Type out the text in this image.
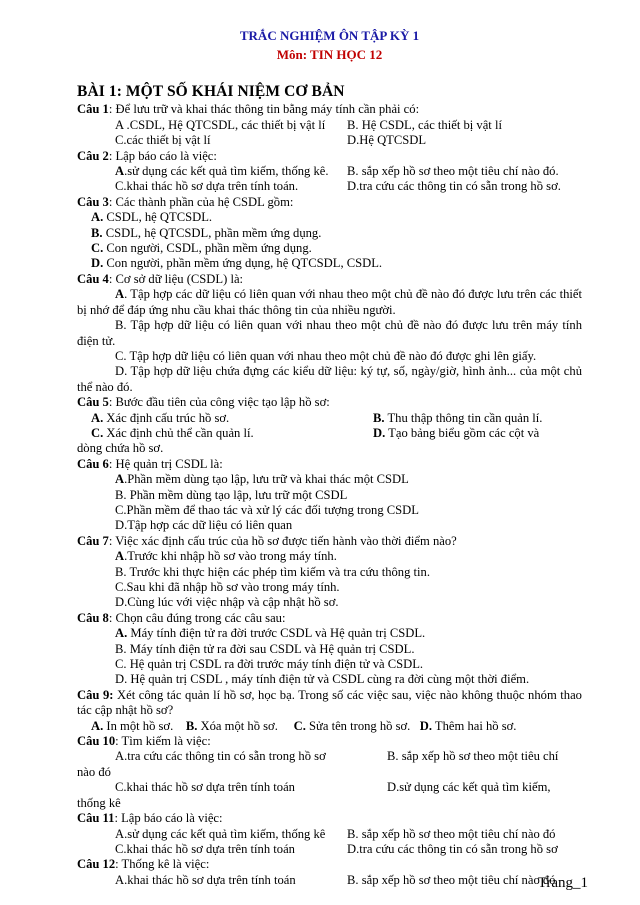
TRẮC NGHIỆM ÔN TẬP KỲ 1
Môn: TIN HỌC 12
BÀI 1: MỘT SỐ KHÁI NIỆM CƠ BẢN
Câu 1: Để lưu trữ và khai thác thông tin bằng máy tính cần phải có:
A .CSDL, Hệ QTCSDL, các thiết bị vật lí	B. Hệ CSDL, các thiết bị vật lí
C.các thiết bị vật lí	D.Hệ QTCSDL
Câu 2: Lập báo cáo là việc:
A.sử dụng các kết quả tìm kiếm, thống kê.	B. sắp xếp hồ sơ theo một tiêu chí nào đó.
C.khai thác hồ sơ dựa trên tính toán.	D.tra cứu các thông tin có sẵn trong hồ sơ.
Câu 3: Các thành phần của hệ CSDL gồm:
A. CSDL, hệ QTCSDL.
B. CSDL, hệ QTCSDL, phần mềm ứng dụng.
C. Con người, CSDL, phần mềm ứng dụng.
D. Con người, phần mềm ứng dụng, hệ QTCSDL, CSDL.
Câu 4: Cơ sở dữ liệu (CSDL) là:
A. Tập hợp các dữ liệu có liên quan với nhau theo một chủ đề nào đó được lưu trên các thiết bị nhớ để đáp ứng nhu cầu khai thác thông tin của nhiều người.
B. Tập hợp dữ liệu có liên quan với nhau theo một chủ đề nào đó được lưu trên máy tính điện tử.
C. Tập hợp dữ liệu có liên quan với nhau theo một chủ đề nào đó được ghi lên giấy.
D. Tập hợp dữ liệu chứa đựng các kiểu dữ liệu: ký tự, số, ngày/giờ, hình ảnh... của một chủ thể nào đó.
Câu 5: Bước đầu tiên của công việc tạo lập hồ sơ:
A. Xác định cấu trúc hồ sơ.	B. Thu thập thông tin cần quản lí.
C. Xác định chủ thể cần quản lí.	D. Tạo bảng biểu gồm các cột và
dòng chứa hồ sơ.
Câu 6: Hệ quản trị CSDL là:
A.Phần mềm dùng tạo lập, lưu trữ và khai thác một CSDL
B. Phần mềm dùng tạo lập, lưu trữ một CSDL
C.Phần mềm để thao tác và xử lý các đối tượng trong CSDL
D.Tập hợp các dữ liệu có liên quan
Câu 7: Việc xác định cấu trúc của hồ sơ được tiến hành vào thời điểm nào?
A.Trước khi nhập hồ sơ vào trong máy tính.
B. Trước khi thực hiện các phép tìm kiếm và tra cứu thông tin.
C.Sau khi đã nhập hồ sơ vào trong máy tính.
D.Cùng lúc với việc nhập và cập nhật hồ sơ.
Câu 8: Chọn câu đúng trong các câu sau:
A. Máy tính điện tử ra đời trước CSDL và Hệ quản trị CSDL.
B. Máy tính điện tử ra đời sau CSDL và Hệ quản trị CSDL.
C. Hệ quản trị CSDL ra đời trước máy tính điện tử và CSDL.
D. Hệ quản trị CSDL , máy tính điện tử và CSDL cùng ra đời cùng một thời điểm.
Câu 9: Xét công tác quản lí hồ sơ, học bạ. Trong số các việc sau, việc nào không thuộc nhóm thao tác cập nhật hồ sơ?
A. In một hồ sơ. B. Xóa một hồ sơ. C. Sửa tên trong hồ sơ. D. Thêm hai hồ sơ.
Câu 10: Tìm kiếm là việc:
A.tra cứu các thông tin có sẵn trong hồ sơ	B. sắp xếp hồ sơ theo một tiêu chí
nào đó
C.khai thác hồ sơ dựa trên tính toán	D.sử dụng các kết quả tìm kiếm,
thống kê
Câu 11: Lập báo cáo là việc:
A.sử dụng các kết quả tìm kiếm, thống kê	B. sắp xếp hồ sơ theo một tiêu chí nào đó
C.khai thác hồ sơ dựa trên tính toán	D.tra cứu các thông tin có sẵn trong hồ sơ
Câu 12: Thống kê là việc:
A.khai thác hồ sơ dựa trên tính toán	B. sắp xếp hồ sơ theo một tiêu chí nào đó
Trang_1
